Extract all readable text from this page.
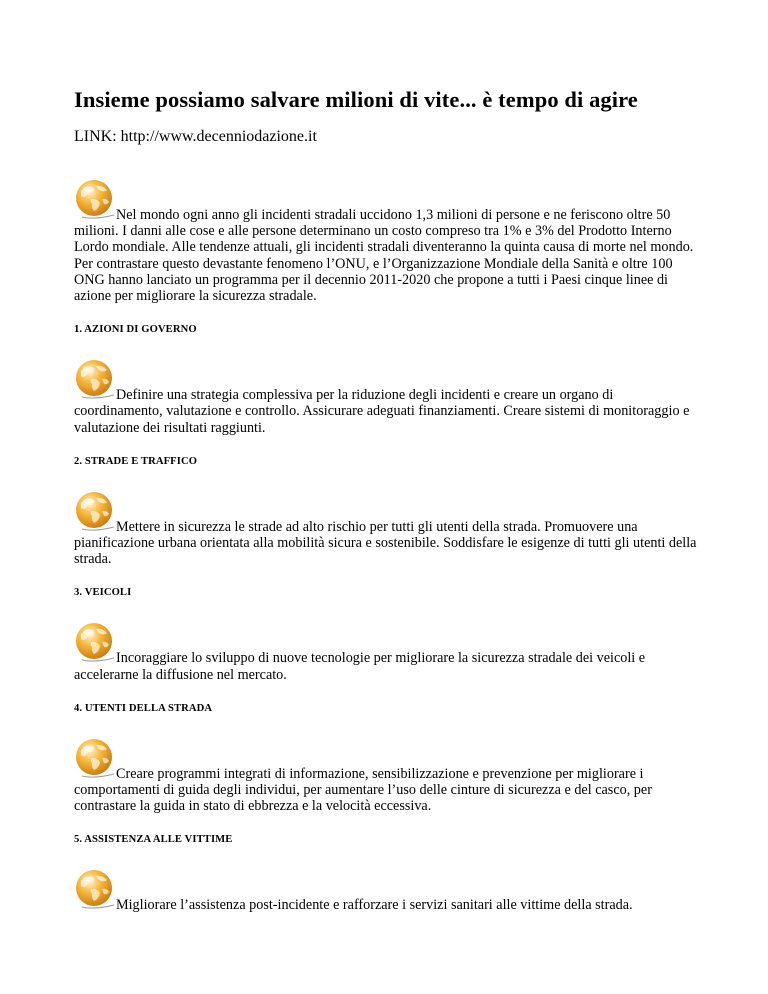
Insieme possiamo salvare milioni di vite... è tempo di agire

LINK: http://www.decenniodazione.it

Nel mondo ogni anno gli incidenti stradali uccidono 1,3 milioni di persone e ne feriscono oltre 50 milioni. I danni alle cose e alle persone determinano un costo compreso tra 1% e 3% del Prodotto Interno Lordo mondiale. Alle tendenze attuali, gli incidenti stradali diventeranno la quinta causa di morte nel mondo. Per contrastare questo devastante fenomeno l’ONU, e l’Organizzazione Mondiale della Sanità e oltre 100 ONG hanno lanciato un programma per il decennio 2011-2020 che propone a tutti i Paesi cinque linee di azione per migliorare la sicurezza stradale.

1. AZIONI DI GOVERNO

Definire una strategia complessiva per la riduzione degli incidenti e creare un organo di coordinamento, valutazione e controllo. Assicurare adeguati finanziamenti. Creare sistemi di monitoraggio e valutazione dei risultati raggiunti.

2. STRADE E TRAFFICO

Mettere in sicurezza le strade ad alto rischio per tutti gli utenti della strada. Promuovere una pianificazione urbana orientata alla mobilità sicura e sostenibile. Soddisfare le esigenze di tutti gli utenti della strada.

3. VEICOLI

Incoraggiare lo sviluppo di nuove tecnologie per migliorare la sicurezza stradale dei veicoli e accelerarne la diffusione nel mercato.

4. UTENTI DELLA STRADA

Creare programmi integrati di informazione, sensibilizzazione e prevenzione per migliorare i comportamenti di guida degli individui, per aumentare l’uso delle cinture di sicurezza e del casco, per contrastare la guida in stato di ebbrezza e la velocità eccessiva.

5. ASSISTENZA ALLE VITTIME

Migliorare l’assistenza post-incidente e rafforzare i servizi sanitari alle vittime della strada.
